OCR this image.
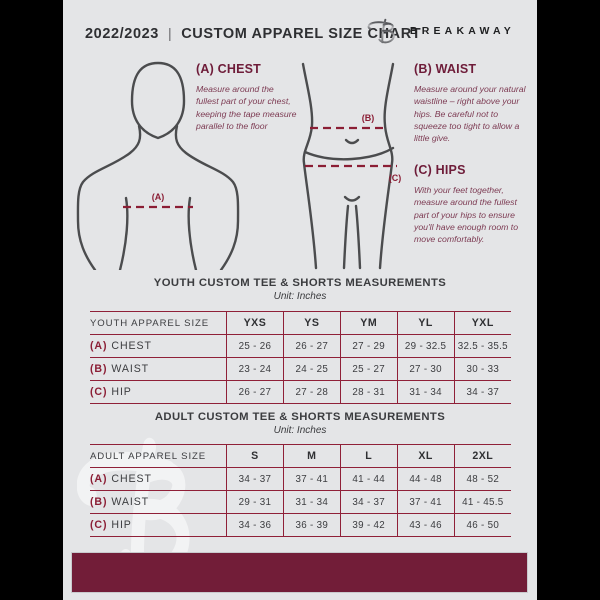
2022/2023 | CUSTOM APPAREL SIZE CHART
BREAKAWAY
(A)
(B)
(C)
(A) CHEST

Measure around the fullest part of your chest, keeping the tape measure parallel to the floor

(B) WAIST

Measure around your natural waistline – right above your hips. Be careful not to squeeze too tight to allow a little give.

(C) HIPS

With your feet together, measure around the fullest part of your hips to ensure you'll have enough room to move comfortably.

YOUTH CUSTOM TEE & SHORTS MEASUREMENTS
Unit: Inches
YOUTH APPAREL SIZE	YXS	YS	YM	YL	YXL
(A) CHEST	25 - 26	26 - 27	27 - 29	29 - 32.5	32.5 - 35.5
(B) WAIST	23 - 24	24 - 25	25 - 27	27 - 30	30 - 33
(C) HIP	26 - 27	27 - 28	28 - 31	31 - 34	34 - 37
ADULT CUSTOM TEE & SHORTS MEASUREMENTS
Unit: Inches
ADULT APPAREL SIZE	S	M	L	XL	2XL
(A) CHEST	34 - 37	37 - 41	41 - 44	44 - 48	48 - 52
(B) WAIST	29 - 31	31 - 34	34 - 37	37 - 41	41 - 45.5
(C) HIP	34 - 36	36 - 39	39 - 42	43 - 46	46 - 50
